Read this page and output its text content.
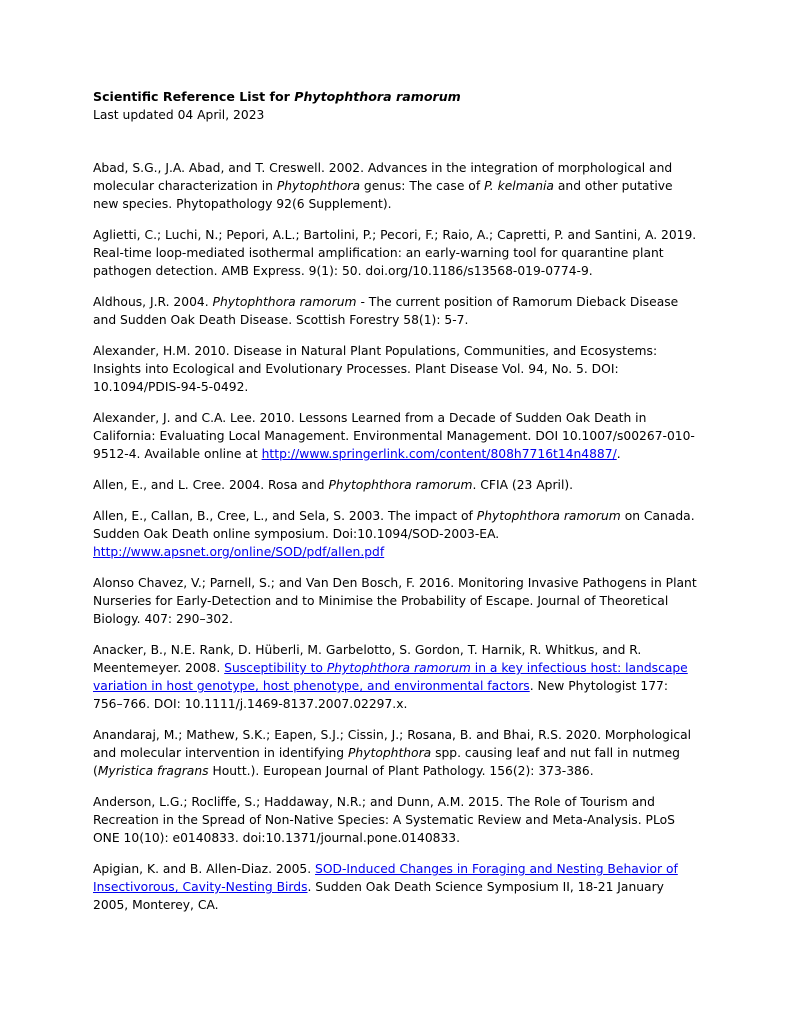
Scientific Reference List for Phytophthora ramorum

Last updated 04 April, 2023

Abad, S.G., J.A. Abad, and T. Creswell. 2002. Advances in the integration of morphological and molecular characterization in Phytophthora genus: The case of P. kelmania and other putative new species. Phytopathology 92(6 Supplement).

Aglietti, C.; Luchi, N.; Pepori, A.L.; Bartolini, P.; Pecori, F.; Raio, A.; Capretti, P. and Santini, A. 2019. Real-time loop-mediated isothermal amplification: an early-warning tool for quarantine plant pathogen detection. AMB Express. 9(1): 50. doi.org/10.1186/s13568-019-0774-9.

Aldhous, J.R. 2004. Phytophthora ramorum - The current position of Ramorum Dieback Disease and Sudden Oak Death Disease. Scottish Forestry 58(1): 5-7.

Alexander, H.M. 2010. Disease in Natural Plant Populations, Communities, and Ecosystems: Insights into Ecological and Evolutionary Processes. Plant Disease Vol. 94, No. 5. DOI: 10.1094/PDIS-94-5-0492.

Alexander, J. and C.A. Lee. 2010. Lessons Learned from a Decade of Sudden Oak Death in California: Evaluating Local Management. Environmental Management. DOI 10.1007/s00267-010-9512-4. Available online at http://www.springerlink.com/content/808h7716t14n4887/.

Allen, E., and L. Cree. 2004. Rosa and Phytophthora ramorum. CFIA (23 April).

Allen, E., Callan, B., Cree, L., and Sela, S. 2003. The impact of Phytophthora ramorum on Canada. Sudden Oak Death online symposium. Doi:10.1094/SOD-2003-EA. http://www.apsnet.org/online/SOD/pdf/allen.pdf

Alonso Chavez, V.; Parnell, S.; and Van Den Bosch, F. 2016. Monitoring Invasive Pathogens in Plant Nurseries for Early-Detection and to Minimise the Probability of Escape. Journal of Theoretical Biology. 407: 290–302.

Anacker, B., N.E. Rank, D. Hüberli, M. Garbelotto, S. Gordon, T. Harnik, R. Whitkus, and R. Meentemeyer. 2008. Susceptibility to Phytophthora ramorum in a key infectious host: landscape variation in host genotype, host phenotype, and environmental factors. New Phytologist 177: 756–766. DOI: 10.1111/j.1469-8137.2007.02297.x.

Anandaraj, M.; Mathew, S.K.; Eapen, S.J.; Cissin, J.; Rosana, B. and Bhai, R.S. 2020. Morphological and molecular intervention in identifying Phytophthora spp. causing leaf and nut fall in nutmeg (Myristica fragrans Houtt.). European Journal of Plant Pathology. 156(2): 373-386.

Anderson, L.G.; Rocliffe, S.; Haddaway, N.R.; and Dunn, A.M. 2015. The Role of Tourism and Recreation in the Spread of Non-Native Species: A Systematic Review and Meta-Analysis. PLoS ONE 10(10): e0140833. doi:10.1371/journal.pone.0140833.

Apigian, K. and B. Allen-Diaz. 2005. SOD-Induced Changes in Foraging and Nesting Behavior of Insectivorous, Cavity-Nesting Birds. Sudden Oak Death Science Symposium II, 18-21 January 2005, Monterey, CA.
